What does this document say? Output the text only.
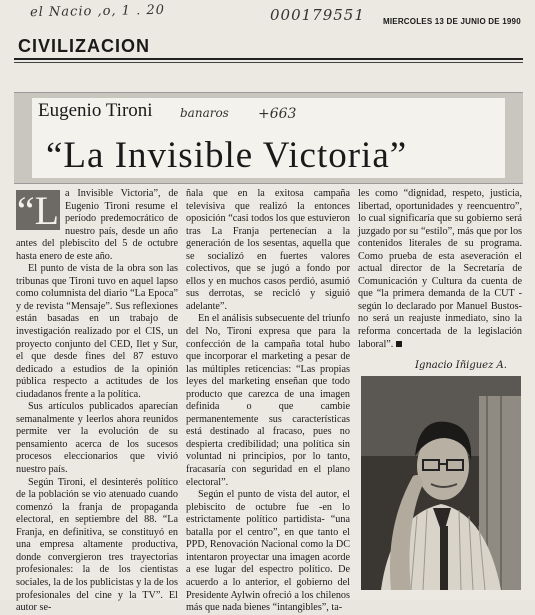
el Nacio ,o, 1 . 20	000179551 MIERCOLES 13 DE JUNIO DE 1990
CIVILIZACION
Eugenio Tironi banaros +663
“La Invisible Victoria”

“L a Invisible Victoria”, de Eugenio Tironi resume el período predemocrático de nuestro país, desde un año antes del plebiscito del 5 de octubre hasta enero de este año.

El punto de vista de la obra son las tribunas que Tironi tuvo en aquel lapso como columnista del diario “La Epoca” y de revista “Mensaje”. Sus reflexiones están basadas en un trabajo de investigación realizado por el CIS, un proyecto conjunto del CED, Ilet y Sur, el que desde fines del 87 estuvo dedicado a estudios de la opinión pública respecto a actitudes de los ciudadanos frente a la política.

Sus artículos publicados aparecían semanalmente y leerlos ahora reunidos permite ver la evolución de su pensamiento acerca de los sucesos procesos eleccionarios que vivió nuestro país.

Según Tironi, el desinterés político de la población se vio atenuado cuando comenzó la franja de propaganda electoral, en septiembre del 88. “La Franja, en definitiva, se constituyó en una empresa altamente productiva, donde convergieron tres trayectorias profesionales: la de los cientistas sociales, la de los publicistas y la de los profesionales del cine y la TV”. El autor se-

ñala que en la exitosa campaña televisiva que realizó la entonces oposición “casi todos los que estuvieron tras La Franja pertenecían a la generación de los sesentas, aquella que se socializó en fuertes valores colectivos, que se jugó a fondo por ellos y en muchos casos perdió, asumió sus derrotas, se recicló y siguió adelante”.

En el análisis subsecuente del triunfo del No, Tironi expresa que para la confección de la campaña total hubo que incorporar el marketing a pesar de las múltiples reticencias: “Las propias leyes del marketing enseñan que todo producto que carezca de una imagen definida o que cambie permanentemente sus características está destinado al fracaso, pues no despierta credibilidad; una política sin voluntad ni principios, por lo tanto, fracasaría con seguridad en el plano electoral”.

Según el punto de vista del autor, el plebiscito de octubre fue -en lo estrictamente político partidista- “una batalla por el centro”, en que tanto el PPD, Renovación Nacional como la DC intentaron proyectar una imagen acorde a ese lugar del espectro político. De acuerdo a lo anterior, el gobierno del Presidente Aylwin ofreció a los chilenos más que nada bienes “intangibles”, ta-

les como “dignidad, respeto, justicia, libertad, oportunidades y reencuentro”, lo cual significaría que su gobierno será juzgado por su “estilo”, más que por los contenidos literales de su programa. Como prueba de esta aseveración el actual director de la Secretaría de Comunicación y Cultura da cuenta de que “la primera demanda de la CUT -según lo declarado por Manuel Bustos- no será un reajuste inmediato, sino la reforma concertada de la legislación laboral”.

Ignacio Iñiguez A.
